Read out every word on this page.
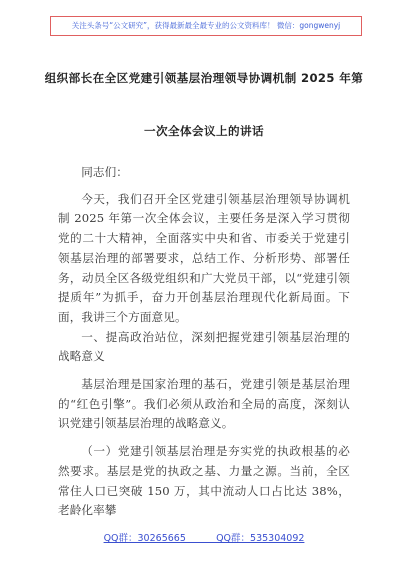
关注头条号“公文研究”，获得最新最全最专业的公文资料库！ 微信：gongwenyj
组织部长在全区党建引领基层治理领导协调机制 2025 年第
一次全体会议上的讲话

同志们：

今天，我们召开全区党建引领基层治理领导协调机制 2025 年第一次全体会议，主要任务是深入学习贯彻党的二十大精神，全面落实中央和省、市委关于党建引领基层治理的部署要求，总结工作、分析形势、部署任务，动员全区各级党组织和广大党员干部，以“党建引领提质年”为抓手，奋力开创基层治理现代化新局面。下面，我讲三个方面意见。

一、提高政治站位，深刻把握党建引领基层治理的战略意义

基层治理是国家治理的基石，党建引领是基层治理的“红色引擎”。我们必须从政治和全局的高度，深刻认识党建引领基层治理的战略意义。

（一）党建引领基层治理是夯实党的执政根基的必然要求。基层是党的执政之基、力量之源。当前，全区常住人口已突破 150 万，其中流动人口占比达 38%，老龄化率攀

QQ群：30265665          QQ群：535304092
